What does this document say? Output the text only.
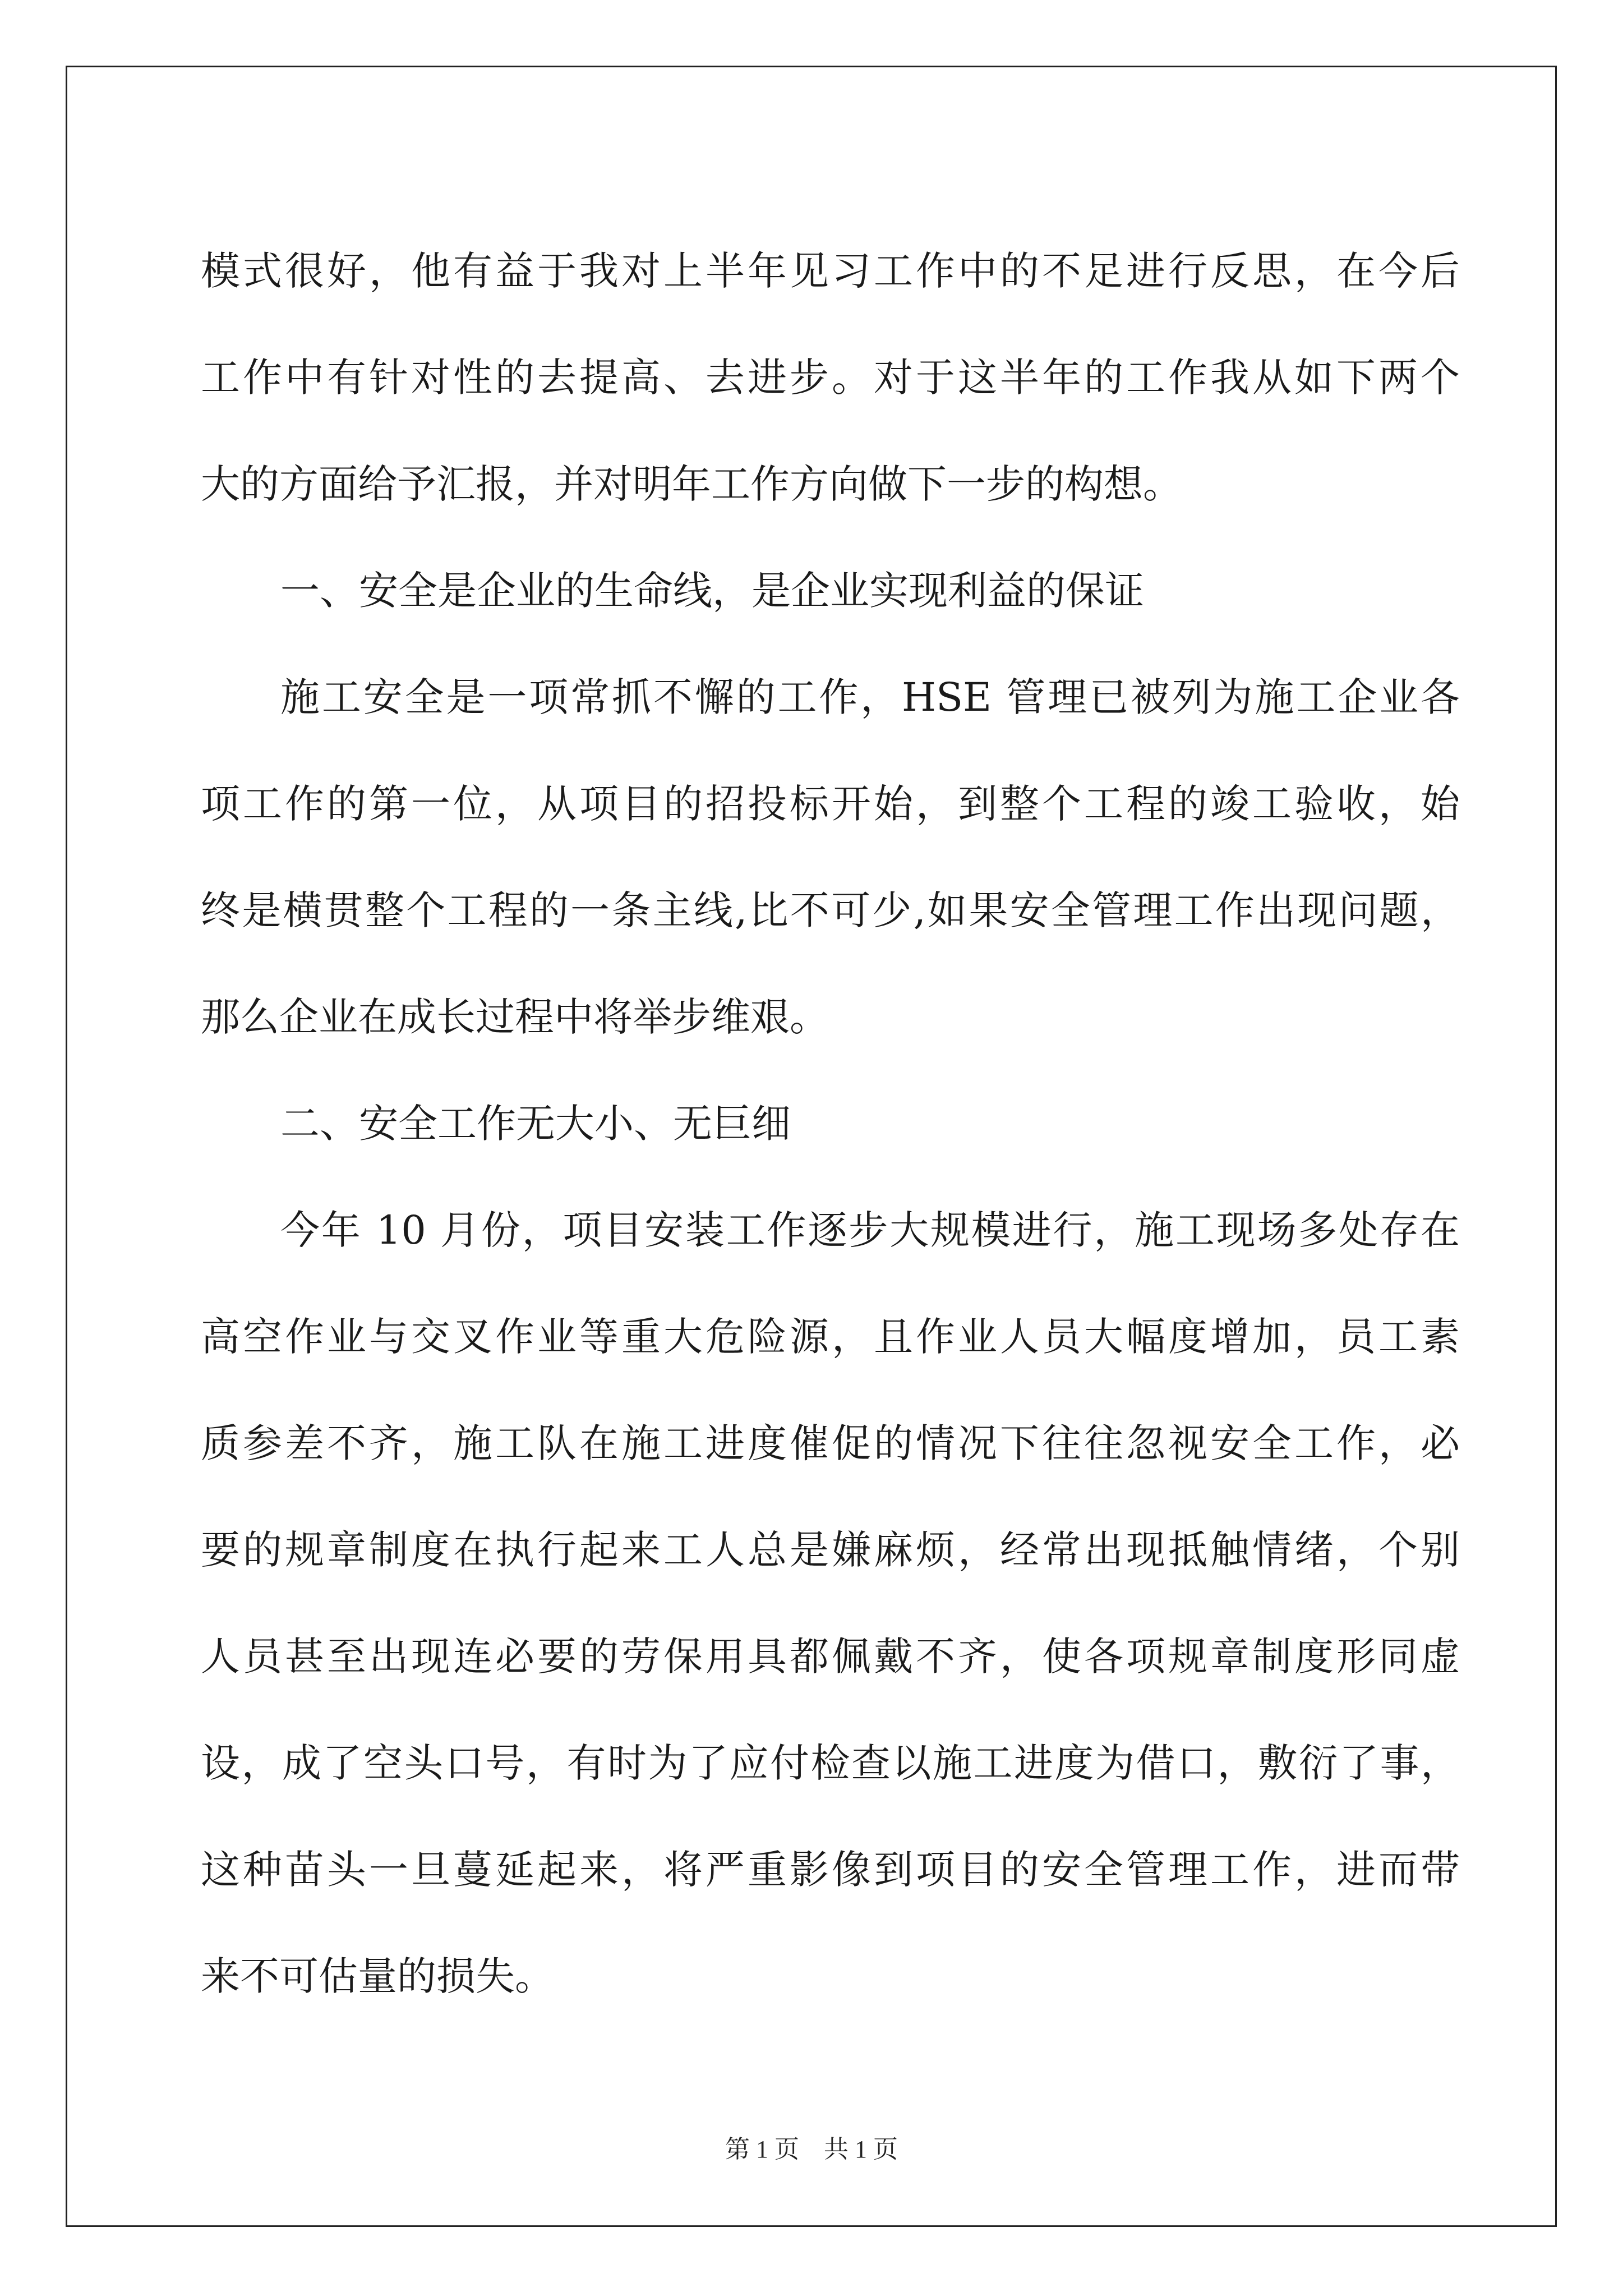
模式很好，他有益于我对上半年见习工作中的不足进行反思，在今后
工作中有针对性的去提高、去进步。对于这半年的工作我从如下两个
大的方面给予汇报，并对明年工作方向做下一步的构想。
一、安全是企业的生命线，是企业实现利益的保证
施工安全是一项常抓不懈的工作，HSE 管理已被列为施工企业各
项工作的第一位，从项目的招投标开始，到整个工程的竣工验收，始
终是横贯整个工程的一条主线,比不可少,如果安全管理工作出现问题，
那么企业在成长过程中将举步维艰。
二、安全工作无大小、无巨细
今年 10 月份，项目安装工作逐步大规模进行，施工现场多处存在
高空作业与交叉作业等重大危险源，且作业人员大幅度增加，员工素
质参差不齐，施工队在施工进度催促的情况下往往忽视安全工作，必
要的规章制度在执行起来工人总是嫌麻烦，经常出现抵触情绪，个别
人员甚至出现连必要的劳保用具都佩戴不齐，使各项规章制度形同虚
设，成了空头口号，有时为了应付检查以施工进度为借口，敷衍了事，
这种苗头一旦蔓延起来，将严重影像到项目的安全管理工作，进而带
来不可估量的损失。
第 1 页　共 1 页
